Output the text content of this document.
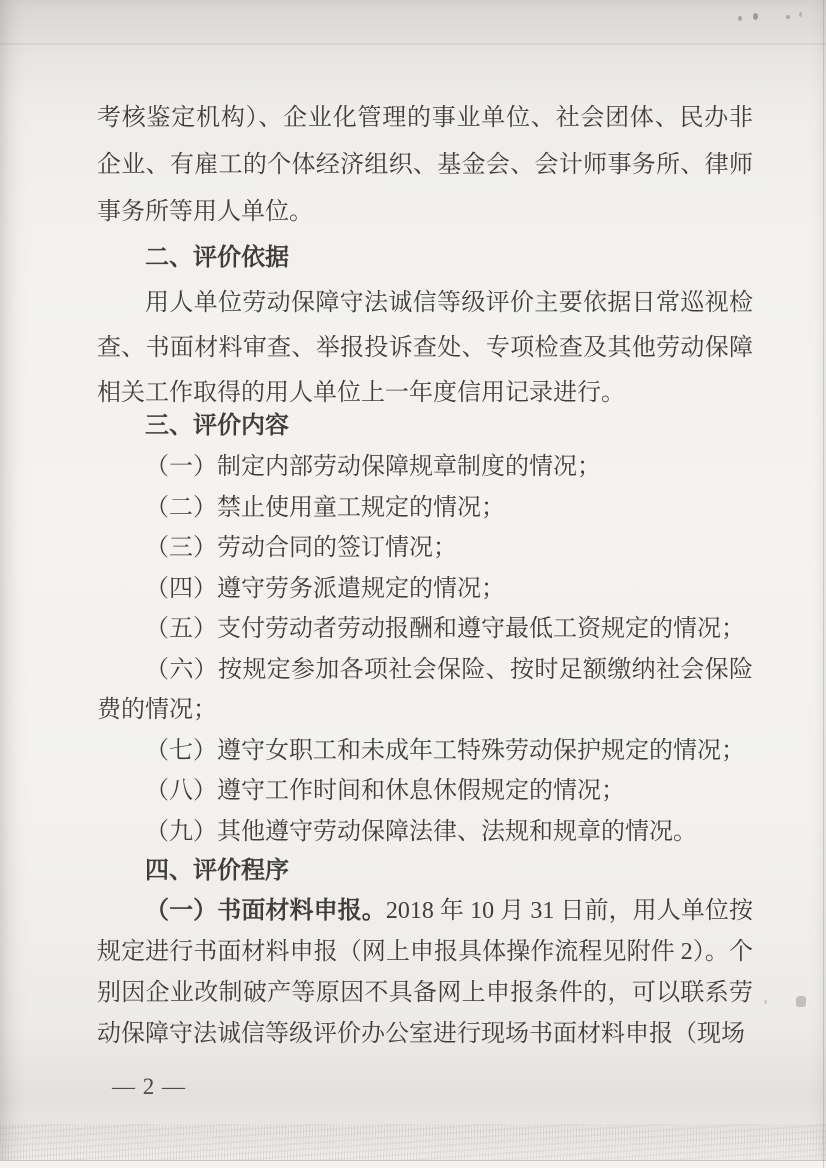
考核鉴定机构）、企业化管理的事业单位、社会团体、民办非企业、有雇工的个体经济组织、基金会、会计师事务所、律师事务所等用人单位。

二、评价依据

用人单位劳动保障守法诚信等级评价主要依据日常巡视检查、书面材料审查、举报投诉查处、专项检查及其他劳动保障相关工作取得的用人单位上一年度信用记录进行。

三、评价内容

（一）制定内部劳动保障规章制度的情况；

（二）禁止使用童工规定的情况；

（三）劳动合同的签订情况；

（四）遵守劳务派遣规定的情况；

（五）支付劳动者劳动报酬和遵守最低工资规定的情况；

（六）按规定参加各项社会保险、按时足额缴纳社会保险费的情况；

（七）遵守女职工和未成年工特殊劳动保护规定的情况；

（八）遵守工作时间和休息休假规定的情况；

（九）其他遵守劳动保障法律、法规和规章的情况。

四、评价程序

（一）书面材料申报。2018 年 10 月 31 日前，用人单位按规定进行书面材料申报（网上申报具体操作流程见附件 2）。个别因企业改制破产等原因不具备网上申报条件的，可以联系劳动保障守法诚信等级评价办公室进行现场书面材料申报（现场

— 2 —
